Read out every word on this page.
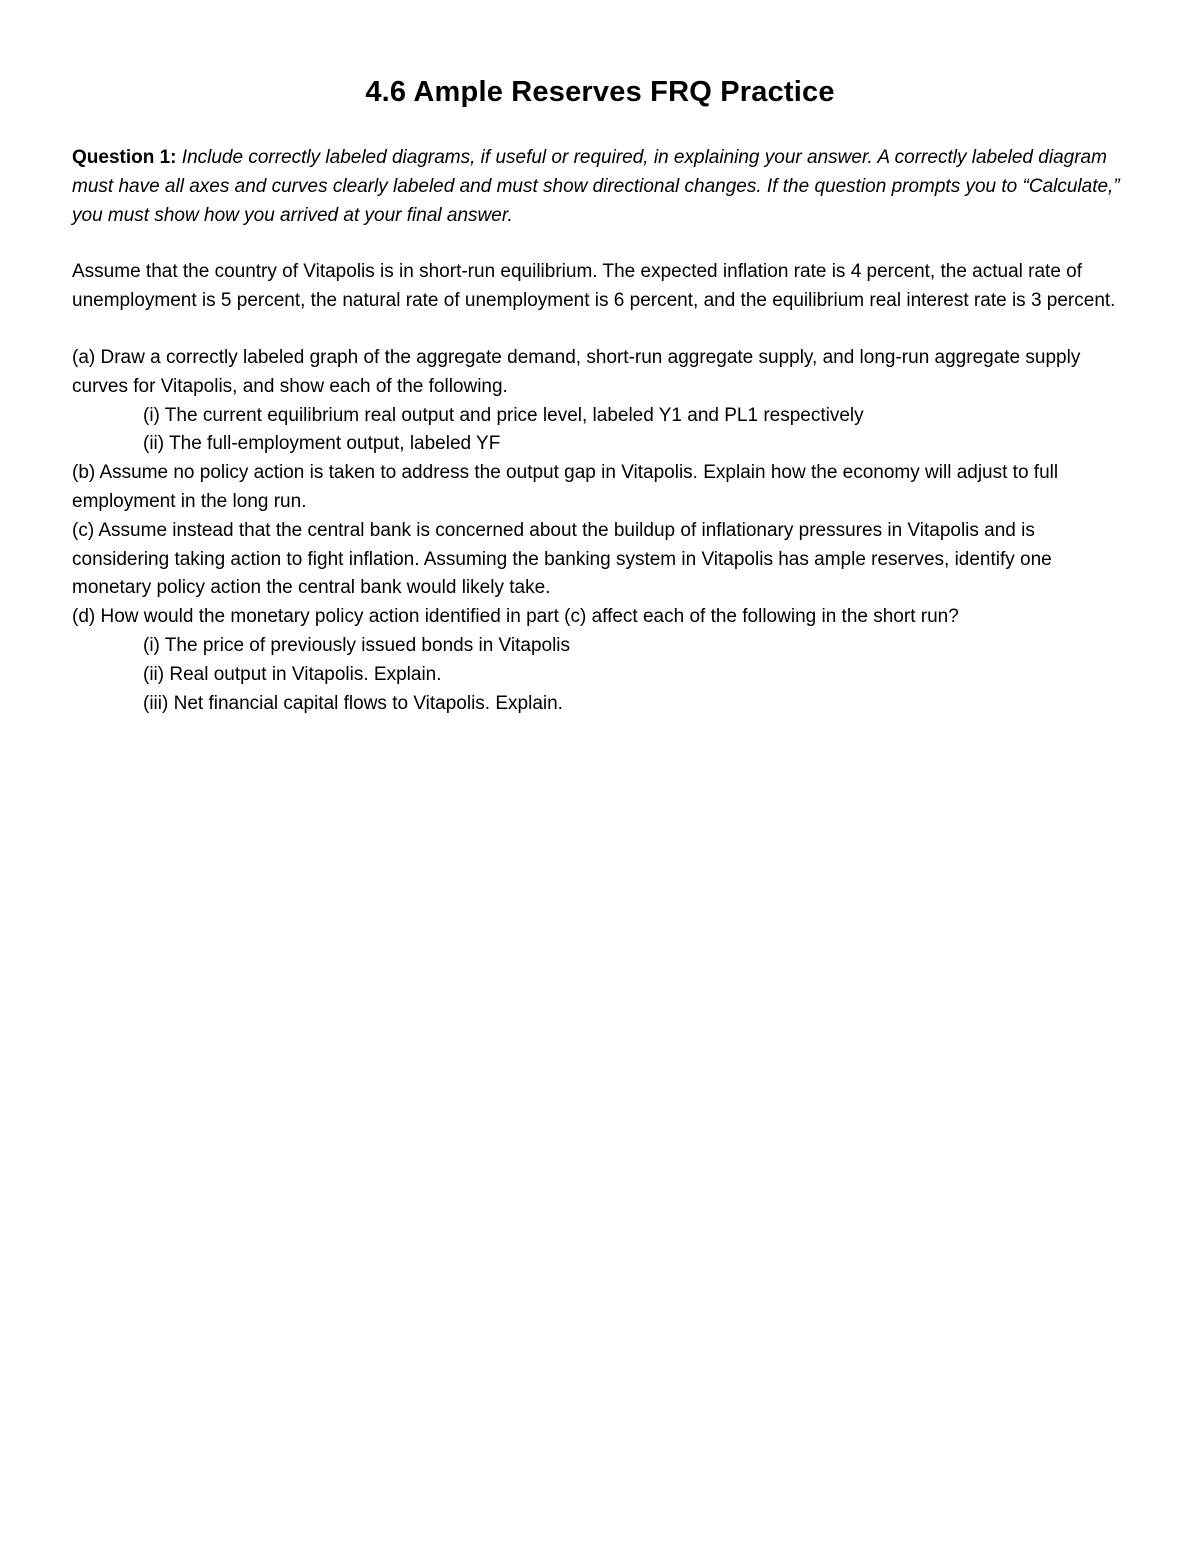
4.6 Ample Reserves FRQ Practice

Question 1: Include correctly labeled diagrams, if useful or required, in explaining your answer. A correctly labeled diagram must have all axes and curves clearly labeled and must show directional changes. If the question prompts you to “Calculate,” you must show how you arrived at your final answer.

Assume that the country of Vitapolis is in short-run equilibrium. The expected inflation rate is 4 percent, the actual rate of unemployment is 5 percent, the natural rate of unemployment is 6 percent, and the equilibrium real interest rate is 3 percent.

(a) Draw a correctly labeled graph of the aggregate demand, short-run aggregate supply, and long-run aggregate supply curves for Vitapolis, and show each of the following.

(i) The current equilibrium real output and price level, labeled Y1 and PL1 respectively

(ii) The full-employment output, labeled YF

(b) Assume no policy action is taken to address the output gap in Vitapolis. Explain how the economy will adjust to full employment in the long run.

(c) Assume instead that the central bank is concerned about the buildup of inflationary pressures in Vitapolis and is considering taking action to fight inflation. Assuming the banking system in Vitapolis has ample reserves, identify one monetary policy action the central bank would likely take.

(d) How would the monetary policy action identified in part (c) affect each of the following in the short run?

(i) The price of previously issued bonds in Vitapolis

(ii) Real output in Vitapolis. Explain.

(iii) Net financial capital flows to Vitapolis. Explain.
